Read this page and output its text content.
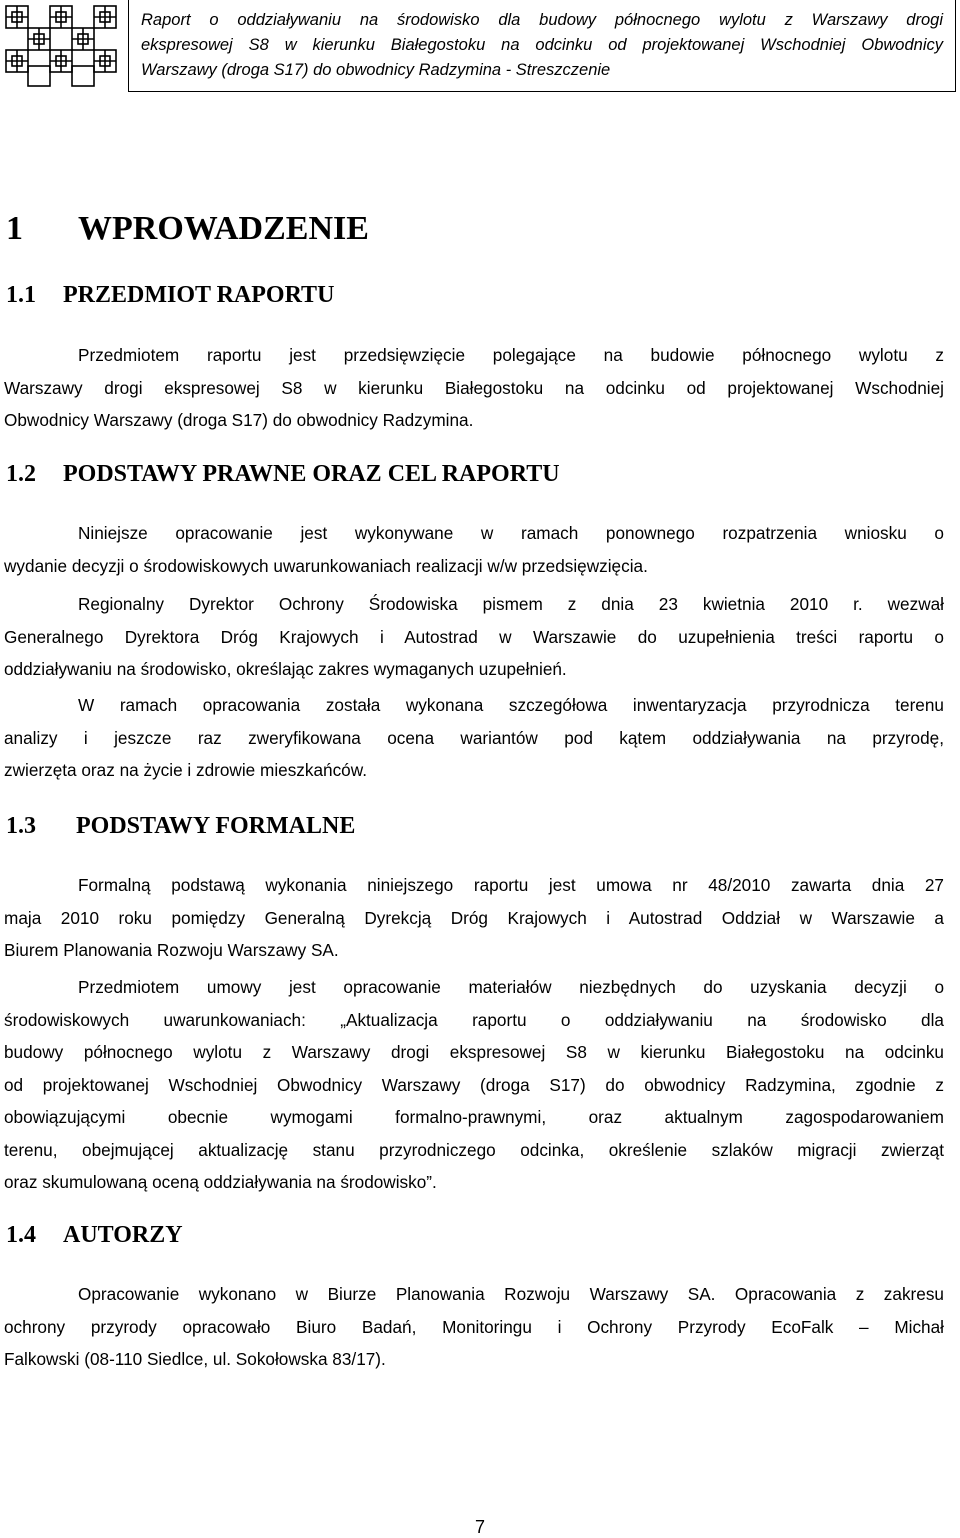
Raport o oddziaływaniu na środowisko dla budowy północnego wylotu z Warszawy drogi
ekspresowej S8 w kierunku Białegostoku na odcinku od projektowanej Wschodniej Obwodnicy
Warszawy (droga S17) do obwodnicy Radzymina - Streszczenie
1 WPROWADZENIE
1.1 PRZEDMIOT RAPORTU
Przedmiotem raportu jest przedsięwzięcie polegające na budowie północnego wylotu z
Warszawy drogi ekspresowej S8 w kierunku Białegostoku na odcinku od projektowanej Wschodniej
Obwodnicy Warszawy (droga S17) do obwodnicy Radzymina.
1.2 PODSTAWY PRAWNE ORAZ CEL RAPORTU
Niniejsze opracowanie jest wykonywane w ramach ponownego rozpatrzenia wniosku o
wydanie decyzji o środowiskowych uwarunkowaniach realizacji w/w przedsięwzięcia.
Regionalny Dyrektor Ochrony Środowiska pismem z dnia 23 kwietnia 2010 r. wezwał
Generalnego Dyrektora Dróg Krajowych i Autostrad w Warszawie do uzupełnienia treści raportu o
oddziaływaniu na środowisko, określając zakres wymaganych uzupełnień.
W ramach opracowania została wykonana szczegółowa inwentaryzacja przyrodnicza terenu
analizy i jeszcze raz zweryfikowana ocena wariantów pod kątem oddziaływania na przyrodę,
zwierzęta oraz na życie i zdrowie mieszkańców.
1.3 PODSTAWY FORMALNE
Formalną podstawą wykonania niniejszego raportu jest umowa nr 48/2010 zawarta dnia 27
maja 2010 roku pomiędzy Generalną Dyrekcją Dróg Krajowych i Autostrad Oddział w Warszawie a
Biurem Planowania Rozwoju Warszawy SA.
Przedmiotem umowy jest opracowanie materiałów niezbędnych do uzyskania decyzji o
środowiskowych uwarunkowaniach: „Aktualizacja raportu o oddziaływaniu na środowisko dla
budowy północnego wylotu z Warszawy drogi ekspresowej S8 w kierunku Białegostoku na odcinku
od projektowanej Wschodniej Obwodnicy Warszawy (droga S17) do obwodnicy Radzymina, zgodnie z
obowiązującymi obecnie wymogami formalno-prawnymi, oraz aktualnym zagospodarowaniem
terenu, obejmującej aktualizację stanu przyrodniczego odcinka, określenie szlaków migracji zwierząt
oraz skumulowaną oceną oddziaływania na środowisko”.
1.4 AUTORZY
Opracowanie wykonano w Biurze Planowania Rozwoju Warszawy SA. Opracowania z zakresu
ochrony przyrody opracowało Biuro Badań, Monitoringu i Ochrony Przyrody EcoFalk – Michał
Falkowski (08-110 Siedlce, ul. Sokołowska 83/17).
7
